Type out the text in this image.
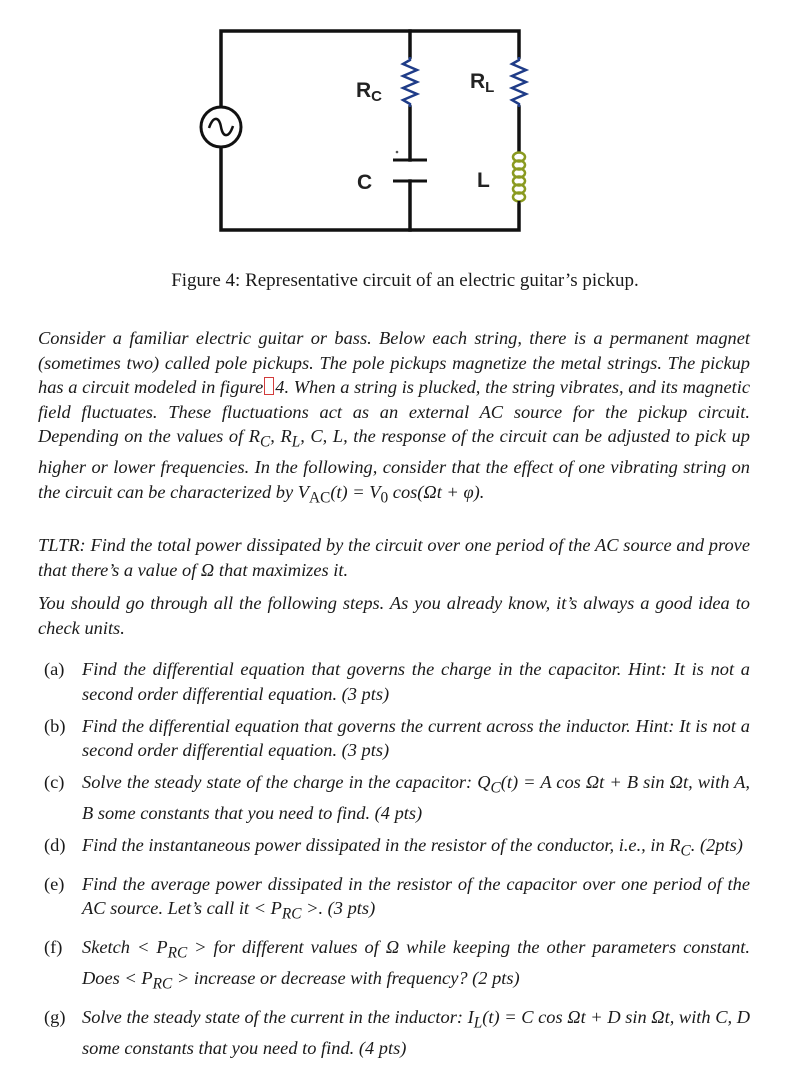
RC
RL
C	L
Figure 4: Representative circuit of an electric guitar’s pickup.
Consider a familiar electric guitar or bass. Below each string, there is a permanent magnet (sometimes two) called pole pickups. The pole pickups magnetize the metal strings. The pickup has a circuit modeled in figure 4. When a string is plucked, the string vibrates, and its magnetic field fluctuates. These fluctuations act as an external AC source for the pickup circuit. Depending on the values of $R_C$, $R_L$, C, L, the response of the circuit can be adjusted to pick up higher or lower frequencies. In the following, consider that the effect of one vibrating string on the circuit can be characterized by $V_{AC}(t) = V_0$ cos(Ωt + φ).
TLTR: Find the total power dissipated by the circuit over one period of the AC source and prove that there’s a value of Ω that maximizes it.
You should go through all the following steps. As you already know, it’s always a good idea to check units.
(a) Find the differential equation that governs the charge in the capacitor. Hint: It is not a second order differential equation. (3 pts)
(b) Find the differential equation that governs the current across the inductor. Hint: It is not a second order differential equation. (3 pts)
(c) Solve the steady state of the charge in the capacitor: $Q_C(t) = A$ cos Ωt + B sin Ωt, with A, B some constants that you need to find. (4 pts)
(d) Find the instantaneous power dissipated in the resistor of the conductor, i.e., in $R_C$. (2pts)
(e) Find the average power dissipated in the resistor of the capacitor over one period of the AC source. Let’s call it < $P_{RC}$ >. (3 pts)
(f) Sketch < $P_{RC}$ > for different values of Ω while keeping the other parameters constant. Does < $P_{RC}$ > increase or decrease with frequency? (2 pts)
(g) Solve the steady state of the current in the inductor: $I_L(t) = C$ cos Ωt + D sin Ωt, with C, D some constants that you need to find. (4 pts)
